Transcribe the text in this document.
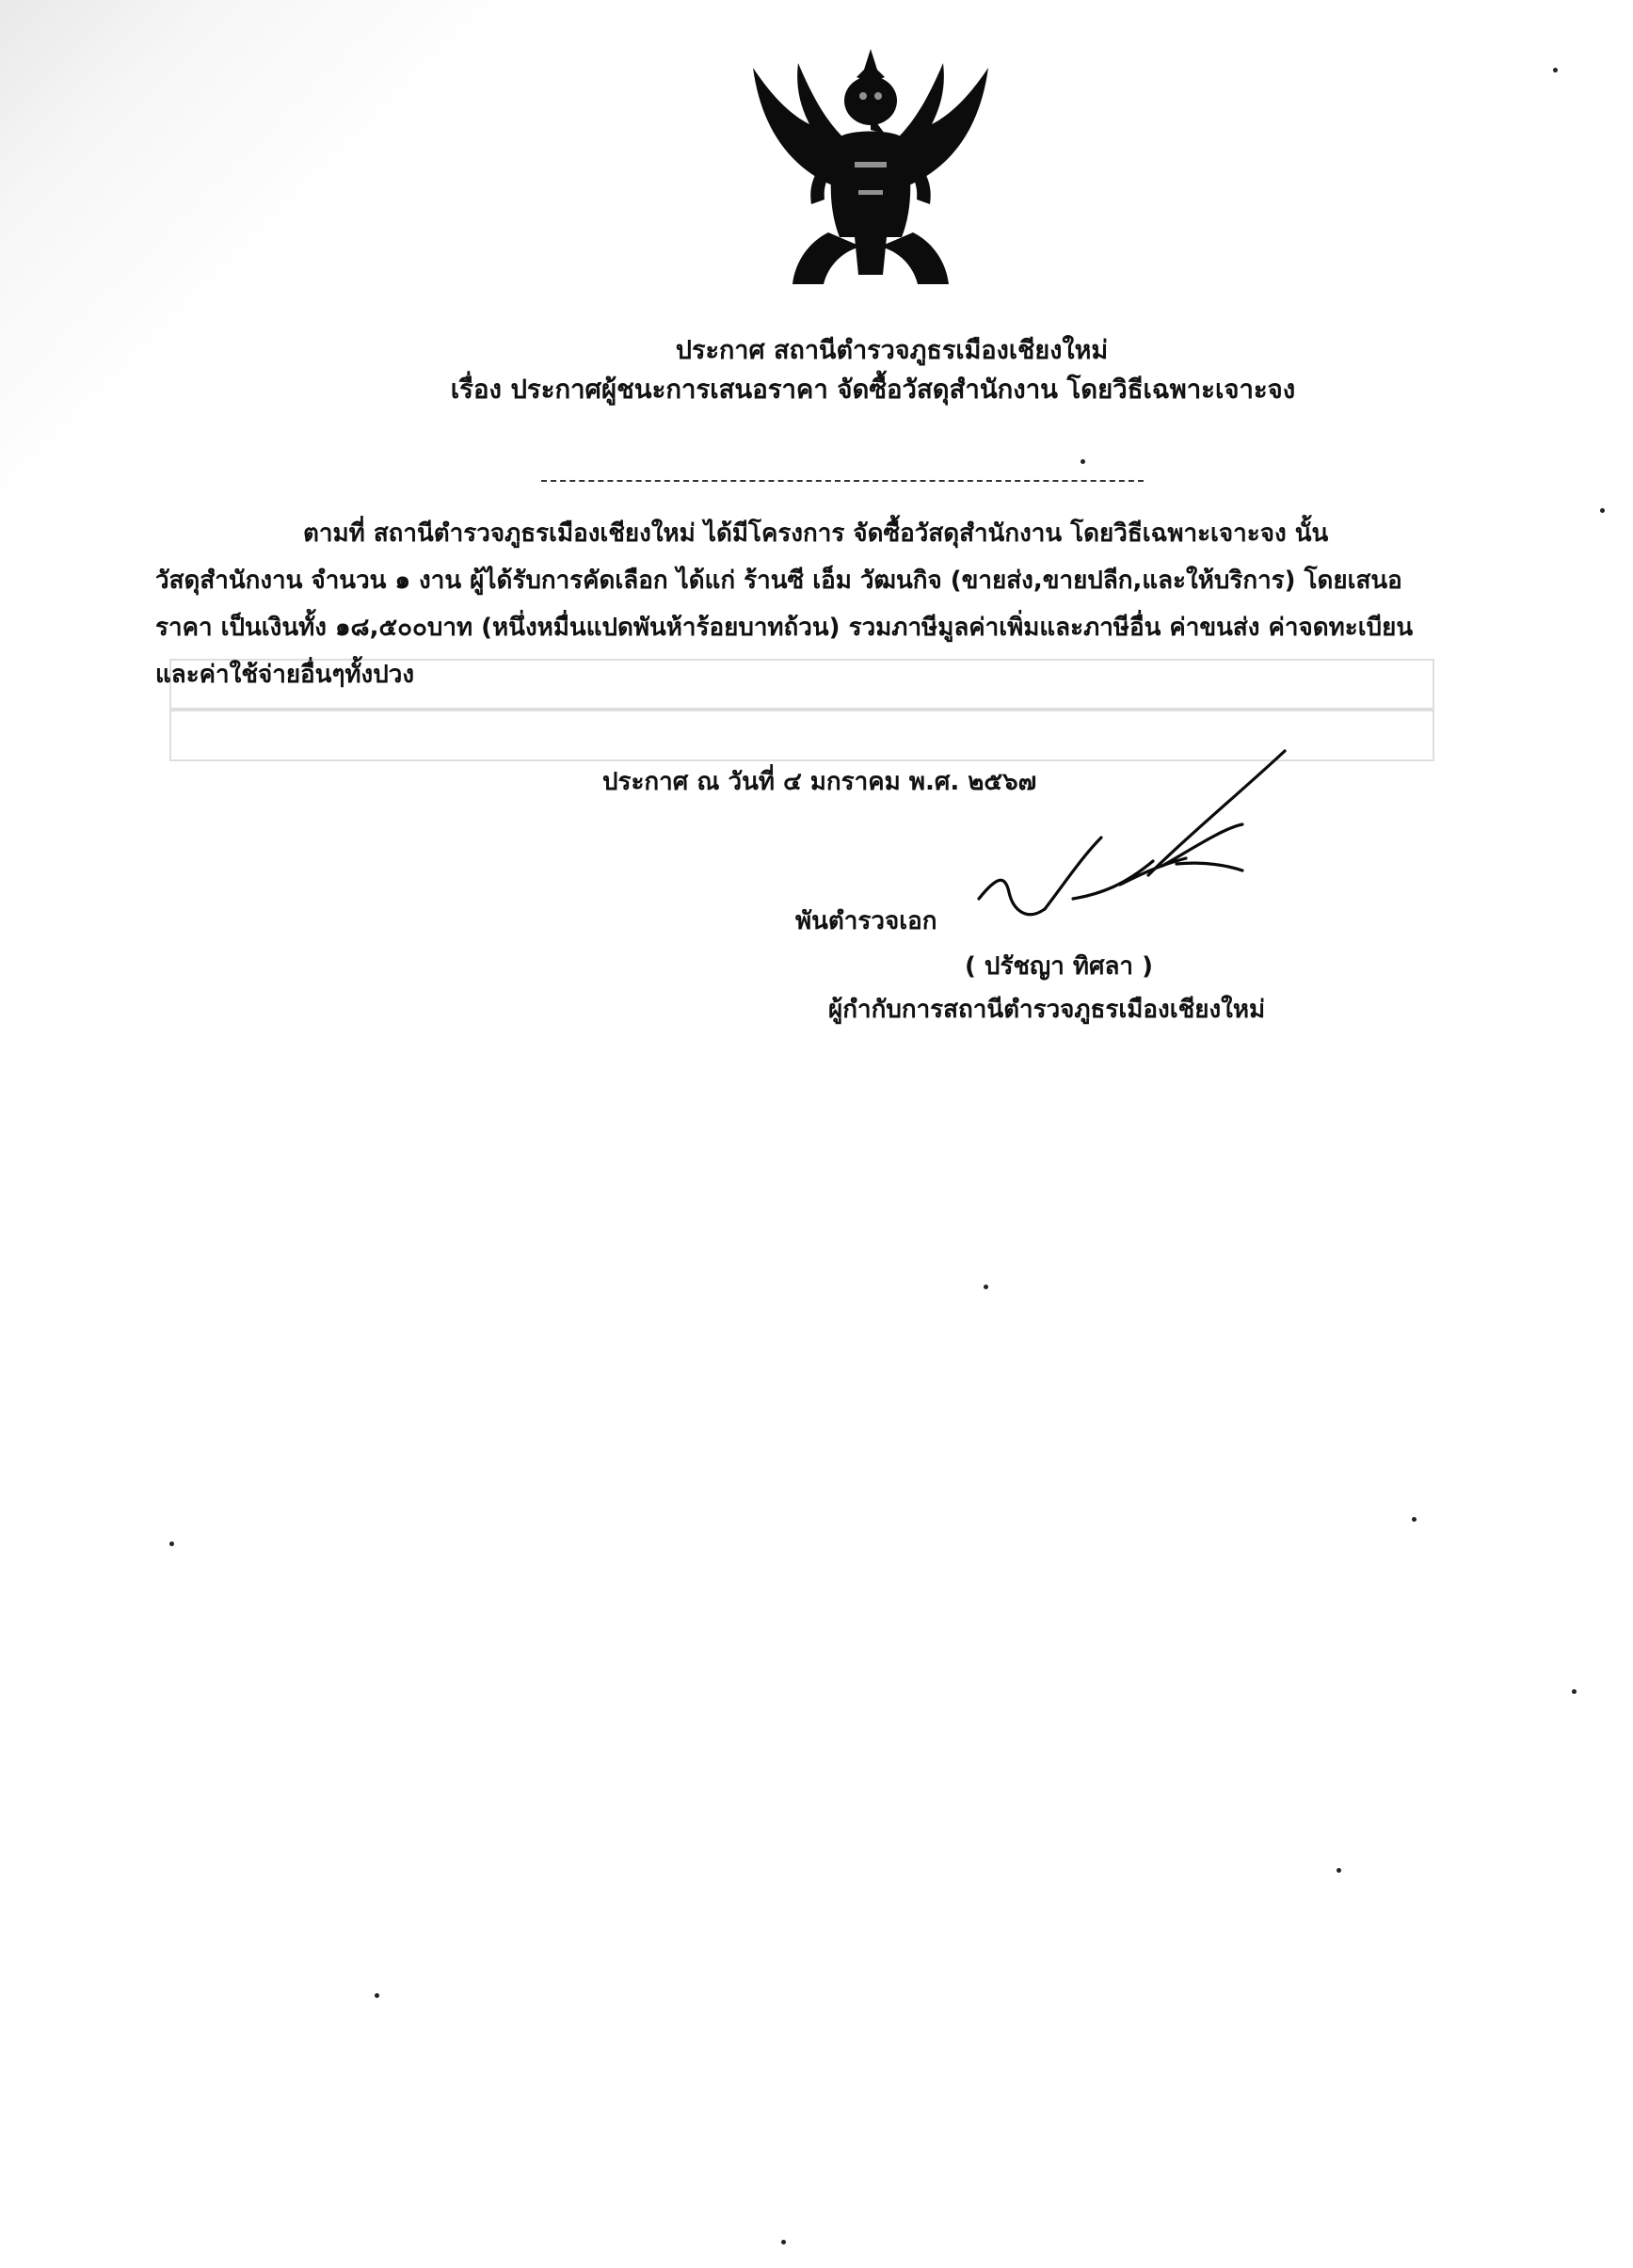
ประกาศ สถานีตำรวจภูธรเมืองเชียงใหม่
เรื่อง ประกาศผู้ชนะการเสนอราคา จัดซื้อวัสดุสำนักงาน โดยวิธีเฉพาะเจาะจง
ตามที่ สถานีตำรวจภูธรเมืองเชียงใหม่ ได้มีโครงการ จัดซื้อวัสดุสำนักงาน โดยวิธีเฉพาะเจาะจง นั้น
วัสดุสำนักงาน จำนวน ๑ งาน ผู้ได้รับการคัดเลือก ได้แก่ ร้านซี เอ็ม วัฒนกิจ (ขายส่ง,ขายปลีก,และให้บริการ) โดยเสนอ
ราคา เป็นเงินทั้ง ๑๘,๕๐๐บาท (หนึ่งหมื่นแปดพันห้าร้อยบาทถ้วน) รวมภาษีมูลค่าเพิ่มและภาษีอื่น ค่าขนส่ง ค่าจดทะเบียน
และค่าใช้จ่ายอื่นๆทั้งปวง
ประกาศ ณ วันที่ ๔ มกราคม พ.ศ. ๒๕๖๗
พันตำรวจเอก
( ปรัชญา ทิศลา )
ผู้กำกับการสถานีตำรวจภูธรเมืองเชียงใหม่
